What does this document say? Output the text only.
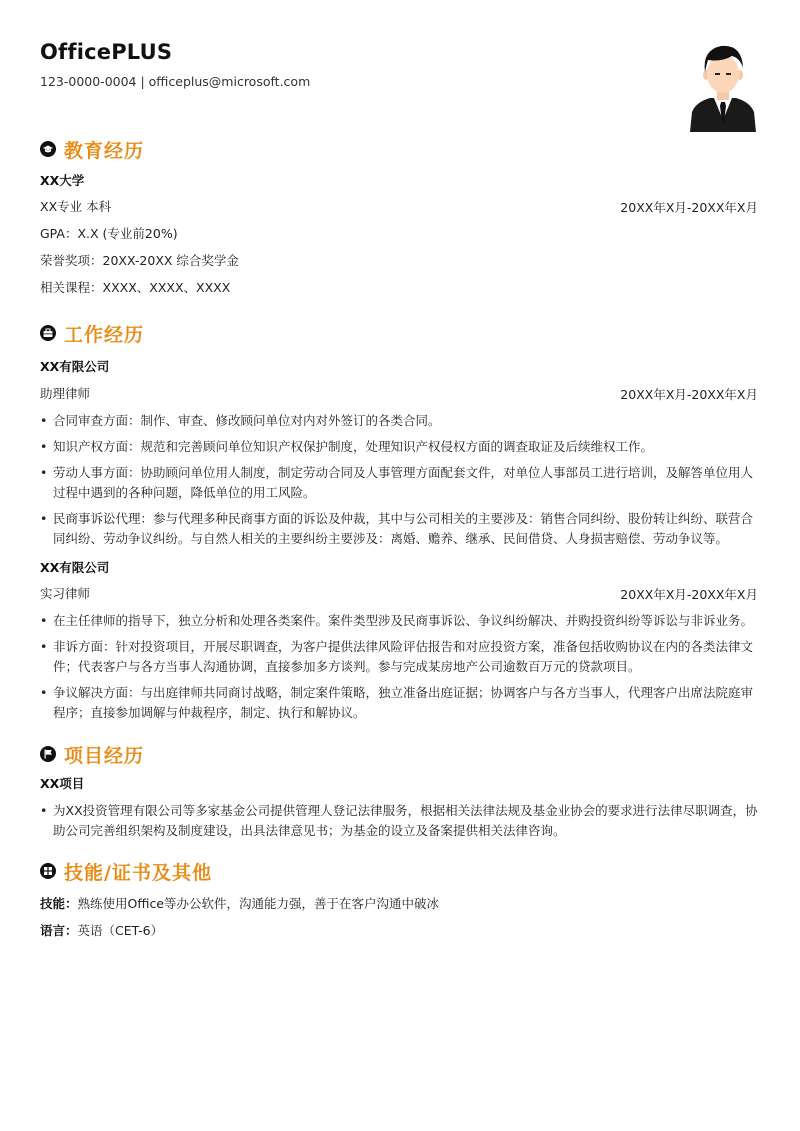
OfficePLUS
123-0000-0004 | officeplus@microsoft.com
教育经历
XX大学
XX专业 本科	20XX年X月-20XX年X月
GPA：X.X (专业前20%)
荣誉奖项：20XX-20XX 综合奖学金
相关课程：XXXX、XXXX、XXXX
工作经历
XX有限公司
助理律师	20XX年X月-20XX年X月
• 合同审查方面：制作、审查、修改顾问单位对内对外签订的各类合同。
• 知识产权方面：规范和完善顾问单位知识产权保护制度，处理知识产权侵权方面的调查取证及后续维权工作。
• 劳动人事方面：协助顾问单位用人制度，制定劳动合同及人事管理方面配套文件，对单位人事部员工进行培训，及解答单位用人过程中遇到的各种问题，降低单位的用工风险。
• 民商事诉讼代理：参与代理多种民商事方面的诉讼及仲裁，其中与公司相关的主要涉及：销售合同纠纷、股份转让纠纷、联营合同纠纷、劳动争议纠纷。与自然人相关的主要纠纷主要涉及：离婚、赡养、继承、民间借贷、人身损害赔偿、劳动争议等。
XX有限公司
实习律师	20XX年X月-20XX年X月
• 在主任律师的指导下，独立分析和处理各类案件。案件类型涉及民商事诉讼、争议纠纷解决、并购投资纠纷等诉讼与非诉业务。
• 非诉方面：针对投资项目，开展尽职调查，为客户提供法律风险评估报告和对应投资方案，准备包括收购协议在内的各类法律文件；代表客户与各方当事人沟通协调，直接参加多方谈判。参与完成某房地产公司逾数百万元的贷款项目。
• 争议解决方面：与出庭律师共同商讨战略，制定案件策略，独立准备出庭证据；协调客户与各方当事人，代理客户出席法院庭审程序；直接参加调解与仲裁程序，制定、执行和解协议。
项目经历
XX项目
• 为XX投资管理有限公司等多家基金公司提供管理人登记法律服务，根据相关法律法规及基金业协会的要求进行法律尽职调查，协助公司完善组织架构及制度建设，出具法律意见书；为基金的设立及备案提供相关法律咨询。
技能/证书及其他
技能：熟练使用Office等办公软件，沟通能力强，善于在客户沟通中破冰
语言：英语（CET-6）
